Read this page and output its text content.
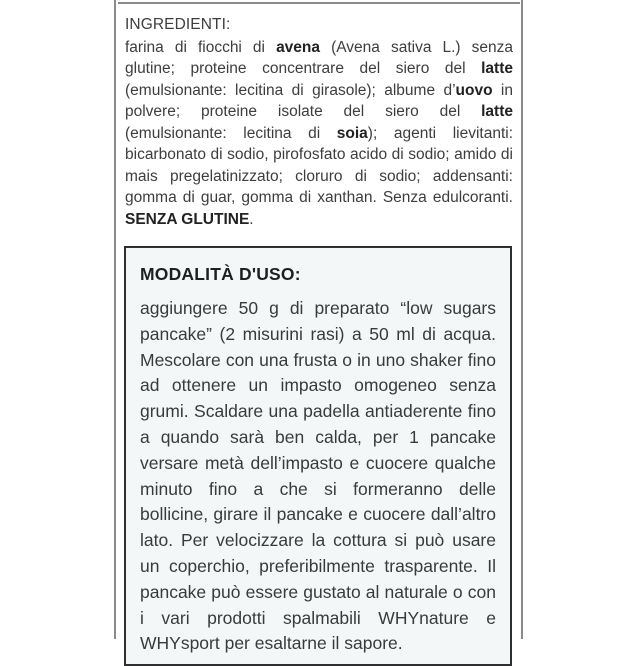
INGREDIENTI:

farina di fiocchi di avena (Avena sativa L.) senza glutine; proteine concentrare del siero del latte (emulsionante: lecitina di girasole); albume d’uovo in polvere; proteine isolate del siero del latte (emulsionante: lecitina di soia); agenti lievitanti: bicarbonato di sodio, pirofosfato acido di sodio; amido di mais pregelatinizzato; cloruro di sodio; addensanti: gomma di guar, gomma di xanthan. Senza edulcoranti. SENZA GLUTINE.

MODALITÀ D'USO:

aggiungere 50 g di preparato “low sugars pancake” (2 misurini rasi) a 50 ml di acqua. Mescolare con una frusta o in uno shaker fino ad ottenere un impasto omogeneo senza grumi. Scaldare una padella antiaderente fino a quando sarà ben calda, per 1 pancake versare metà dell’impasto e cuocere qualche minuto fino a che si formeranno delle bollicine, girare il pancake e cuocere dall’altro lato. Per velocizzare la cottura si può usare un coperchio, preferibilmente trasparente. Il pancake può essere gustato al naturale o con i vari prodotti spalmabili WHYnature e WHYsport per esaltarne il sapore.
